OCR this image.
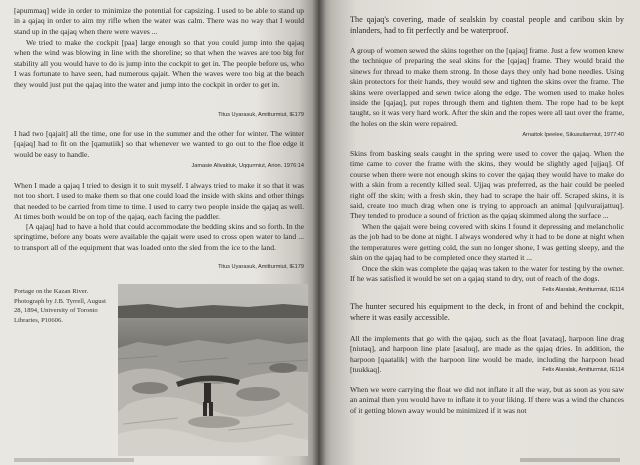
[apummaq] wide in order to minimize the potential for capsizing. I used to be able to stand up in a qajaq in order to aim my rifle when the water was calm. There was no way that I would stand up in the qajaq when there were waves ...

We tried to make the cockpit [paa] large enough so that you could jump into the qajaq when the wind was blowing in line with the shoreline; so that when the waves are too big for stability all you would have to do is jump into the cockpit to get in. The people before us, who I was fortunate to have seen, had numerous qajait. When the waves were too big at the beach they would just put the qajaq into the water and jump into the cockpit in order to get in.

Titus Uyarasuk, Amitturmiut, IE179

I had two [qajait] all the time, one for use in the summer and the other for winter. The winter [qajaq] had to fit on the [qamutiik] so that whenever we wanted to go out to the floe edge it would be easy to handle.

Jamasie Alivaktuk, Uqqurmiut, Arion. 1976:14

When I made a qajaq I tried to design it to suit myself. I always tried to make it so that it was not too short. I used to make them so that one could load the inside with skins and other things that needed to be carried from time to time. I used to carry two people inside the qajaq as well. At times both would be on top of the qajaq, each facing the paddler.

[A qajaq] had to have a hold that could accommodate the bedding skins and so forth. In the springtime, before any boats were available the qajait were used to cross open water to land ... to transport all of the equipment that was loaded onto the sled from the ice to the land.

Titus Uyarasuk, Amitturmiut, IE179

Portage on the Kazan River. Photograph by J.B. Tyrrell, August 28, 1894, University of Toronto Libraries, P10606.

The qajaq's covering, made of sealskin by coastal people and caribou skin by inlanders, had to fit perfectly and be waterproof.

A group of women sewed the skins together on the [qajaq] frame. Just a few women knew the technique of preparing the seal skins for the [qajaq] frame. They would braid the sinews for thread to make them strong. In those days they only had bone needles. Using skin protectors for their hands, they would sew and tighten the skins over the frame. The skins were overlapped and sewn twice along the edge. The women used to make holes inside the [qajaq], put ropes through them and tighten them. The rope had to be kept taught, so it was very hard work. After the skin and the ropes were all taut over the frame, the holes on the skin were repaired.

Arnaitok Ipeelee, Sikusuilarmiut, 1977:40

Skins from basking seals caught in the spring were used to cover the qajaq. When the time came to cover the frame with the skins, they would be slightly aged [ujjaq]. Of course when there were not enough skins to cover the qajaq they would have to make do with a skin from a recently killed seal. Ujjaq was preferred, as the hair could be peeled right off the skin; with a fresh skin, they had to scrape the hair off. Scraped skins, it is said, create too much drag when one is trying to approach an animal [qulvuraijattuq]. They tended to produce a sound of friction as the qajaq skimmed along the surface ...

When the qajait were being covered with skins I found it depressing and melancholic as the job had to be done at night. I always wondered why it had to be done at night when the temperatures were getting cold, the sun no longer shone, I was getting sleepy, and the skin on the qajaq had to be completed once they started it ...

Once the skin was complete the qajaq was taken to the water for testing by the owner. If he was satisfied it would be set on a qajaq stand to dry, out of reach of the dogs.

Felix Alaralak, Amitturmiut, IE114

The hunter secured his equipment to the deck, in front of and behind the cockpit, where it was easily accessible.

All the implements that go with the qajaq, such as the float [avataq], harpoon line drag [niutaq], and harpoon line plate [asaluq], are made as the qajaq dries. In addition, the harpoon [qaatalik] with the harpoon line would be made, including the harpoon head [tuukkaq].	Felix Alaralak, Amitturmiut, IE114

When we were carrying the float we did not inflate it all the way, but as soon as you saw an animal then you would have to inflate it to your liking. If there was a wind the chances of it getting blown away would be minimized if it was not
